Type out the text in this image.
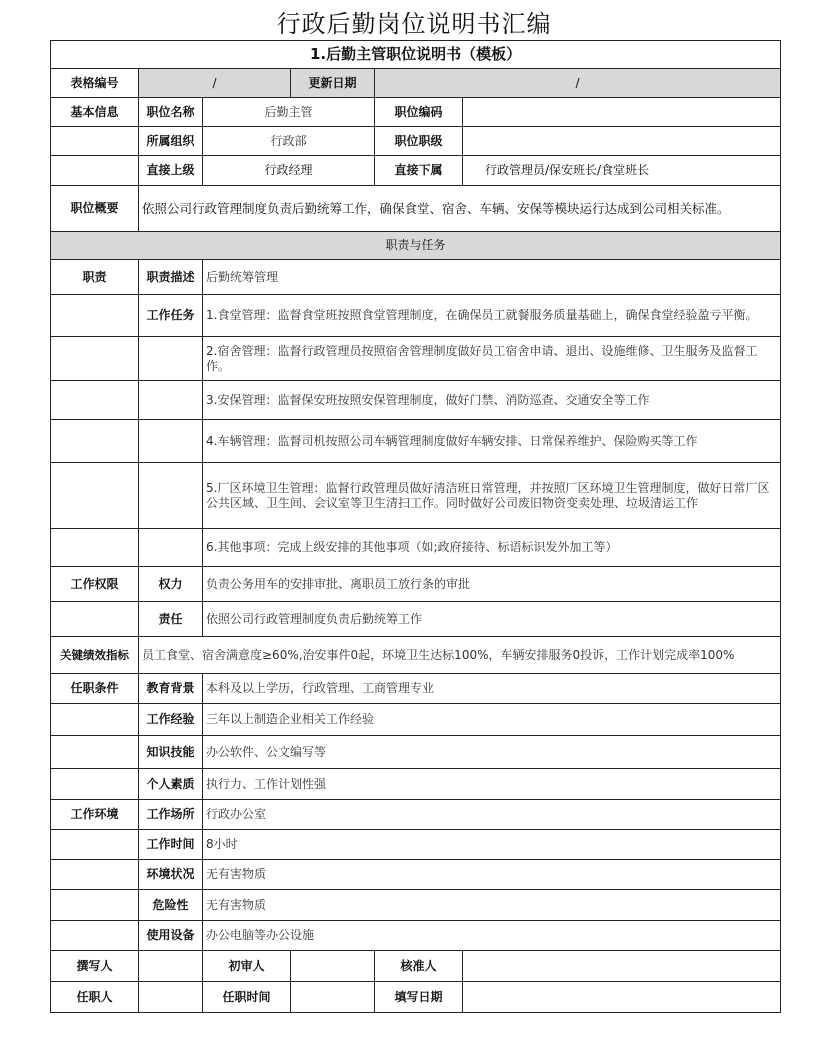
行政后勤岗位说明书汇编
1.后勤主管职位说明书（模板）					
表格编号	/		更新日期	/	
基本信息	职位名称	后勤主管		职位编码	
	所属组织	行政部		职位职级	
	直接上级	行政经理		直接下属	行政管理员/保安班长/食堂班长
职位概要	依照公司行政管理制度负责后勤统筹工作，确保食堂、宿舍、车辆、安保等模块运行达成到公司相关标准。				
职责与任务					
职责	职责描述	后勤统筹管理			
	工作任务	1.食堂管理：监督食堂班按照食堂管理制度，在确保员工就餐服务质量基础上，确保食堂经验盈亏平衡。			
		2.宿舍管理：监督行政管理员按照宿舍管理制度做好员工宿舍申请、退出、设施维修、卫生服务及监督工作。			
		3.安保管理：监督保安班按照安保管理制度，做好门禁、消防巡查、交通安全等工作			
		4.车辆管理：监督司机按照公司车辆管理制度做好车辆安排、日常保养维护、保险购买等工作			
		5.厂区环境卫生管理：监督行政管理员做好清洁班日常管理，并按照厂区环境卫生管理制度，做好日常厂区公共区域、卫生间、会议室等卫生清扫工作。同时做好公司废旧物资变卖处理、垃圾清运工作			
		6.其他事项：完成上级安排的其他事项（如;政府接待、标语标识发外加工等）			
工作权限	权力	负责公务用车的安排审批、离职员工放行条的审批			
	责任	依照公司行政管理制度负责后勤统筹工作			
关键绩效指标	员工食堂、宿舍满意度≥60%,治安事件0起，环境卫生达标100%，车辆安排服务0投诉，工作计划完成率100%				
任职条件	教育背景	本科及以上学历，行政管理、工商管理专业			
	工作经验	三年以上制造企业相关工作经验			
	知识技能	办公软件、公文编写等			
	个人素质	执行力、工作计划性强			
工作环境	工作场所	行政办公室			
	工作时间	8小时			
	环境状况	无有害物质			
	危险性	无有害物质			
	使用设备	办公电脑等办公设施			
撰写人		初审人		核准人	
任职人		任职时间		填写日期	
